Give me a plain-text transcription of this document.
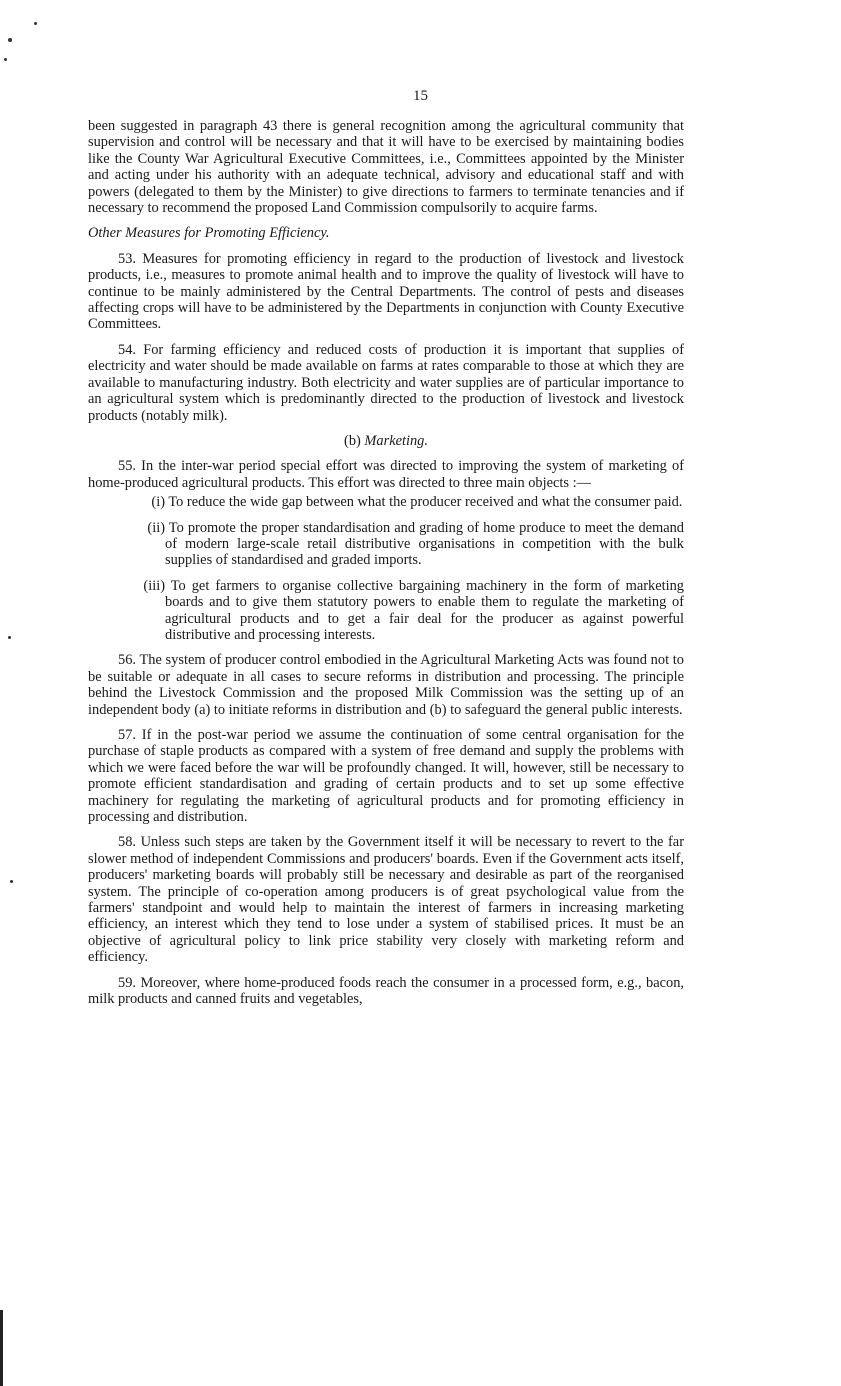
15

been suggested in paragraph 43 there is general recognition among the agricultural community that supervision and control will be necessary and that it will have to be exercised by maintaining bodies like the County War Agricultural Executive Committees, i.e., Committees appointed by the Minister and acting under his authority with an adequate technical, advisory and educational staff and with powers (delegated to them by the Minister) to give directions to farmers to terminate tenancies and if necessary to recommend the proposed Land Commission compulsorily to acquire farms.

Other Measures for Promoting Efficiency.

53. Measures for promoting efficiency in regard to the production of livestock and livestock products, i.e., measures to promote animal health and to improve the quality of livestock will have to continue to be mainly administered by the Central Departments. The control of pests and diseases affecting crops will have to be administered by the Departments in conjunction with County Executive Committees.

54. For farming efficiency and reduced costs of production it is important that supplies of electricity and water should be made available on farms at rates comparable to those at which they are available to manufacturing industry. Both electricity and water supplies are of particular importance to an agricultural system which is predominantly directed to the production of livestock and livestock products (notably milk).

(b) Marketing.

55. In the inter-war period special effort was directed to improving the system of marketing of home-produced agricultural products. This effort was directed to three main objects :—

(i) To reduce the wide gap between what the producer received and what the consumer paid.

(ii) To promote the proper standardisation and grading of home produce to meet the demand of modern large-scale retail distributive organisations in competition with the bulk supplies of standardised and graded imports.

(iii) To get farmers to organise collective bargaining machinery in the form of marketing boards and to give them statutory powers to enable them to regulate the marketing of agricultural products and to get a fair deal for the producer as against powerful distributive and processing interests.

56. The system of producer control embodied in the Agricultural Marketing Acts was found not to be suitable or adequate in all cases to secure reforms in distribution and processing. The principle behind the Livestock Commission and the proposed Milk Commission was the setting up of an independent body (a) to initiate reforms in distribution and (b) to safeguard the general public interests.

57. If in the post-war period we assume the continuation of some central organisation for the purchase of staple products as compared with a system of free demand and supply the problems with which we were faced before the war will be profoundly changed. It will, however, still be necessary to promote efficient standardisation and grading of certain products and to set up some effective machinery for regulating the marketing of agricultural products and for promoting efficiency in processing and distribution.

58. Unless such steps are taken by the Government itself it will be necessary to revert to the far slower method of independent Commissions and producers' boards. Even if the Government acts itself, producers' marketing boards will probably still be necessary and desirable as part of the reorganised system. The principle of co-operation among producers is of great psychological value from the farmers' standpoint and would help to maintain the interest of farmers in increasing marketing efficiency, an interest which they tend to lose under a system of stabilised prices. It must be an objective of agricultural policy to link price stability very closely with marketing reform and efficiency.

59. Moreover, where home-produced foods reach the consumer in a processed form, e.g., bacon, milk products and canned fruits and vegetables,
